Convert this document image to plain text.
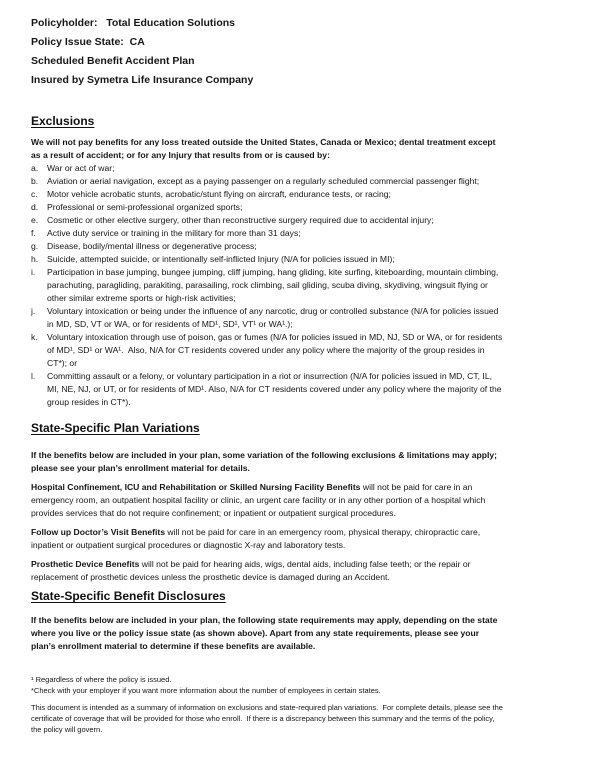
Policyholder:   Total Education Solutions
Policy Issue State:  CA
Scheduled Benefit Accident Plan
Insured by Symetra Life Insurance Company
Exclusions

We will not pay benefits for any loss treated outside the United States, Canada or Mexico; dental treatment except as a result of accident; or for any Injury that results from or is caused by:

a.	War or act of war;
b.	Aviation or aerial navigation, except as a paying passenger on a regularly scheduled commercial passenger flight;
c.	Motor vehicle acrobatic stunts, acrobatic/stunt flying on aircraft, endurance tests, or racing;
d.	Professional or semi-professional organized sports;
e.	Cosmetic or other elective surgery, other than reconstructive surgery required due to accidental injury;
f.	Active duty service or training in the military for more than 31 days;
g.	Disease, bodily/mental illness or degenerative process;
h.	Suicide, attempted suicide, or intentionally self-inflicted Injury (N/A for policies issued in MI);
i.	Participation in base jumping, bungee jumping, cliff jumping, hang gliding, kite surfing, kiteboarding, mountain climbing, parachuting, paragliding, parakiting, parasailing, rock climbing, sail gliding, scuba diving, skydiving, wingsuit flying or other similar extreme sports or high-risk activities;
j.	Voluntary intoxication or being under the influence of any narcotic, drug or controlled substance (N/A for policies issued in MD, SD, VT or WA, or for residents of MD¹, SD¹, VT¹ or WA¹.);
k.	Voluntary intoxication through use of poison, gas or fumes (N/A for policies issued in MD, NJ, SD or WA, or for residents of MD¹, SD¹ or WA¹.  Also, N/A for CT residents covered under any policy where the majority of the group resides in CT*); or
l.	Committing assault or a felony, or voluntary participation in a riot or insurrection (N/A for policies issued in MD, CT, IL, MI, NE, NJ, or UT, or for residents of MD¹. Also, N/A for CT residents covered under any policy where the majority of the group resides in CT*).
State-Specific Plan Variations

If the benefits below are included in your plan, some variation of the following exclusions & limitations may apply; please see your plan’s enrollment material for details.

Hospital Confinement, ICU and Rehabilitation or Skilled Nursing Facility Benefits will not be paid for care in an emergency room, an outpatient hospital facility or clinic, an urgent care facility or in any other portion of a hospital which provides services that do not require confinement; or inpatient or outpatient surgical procedures.

Follow up Doctor’s Visit Benefits will not be paid for care in an emergency room, physical therapy, chiropractic care, inpatient or outpatient surgical procedures or diagnostic X-ray and laboratory tests.

Prosthetic Device Benefits will not be paid for hearing aids, wigs, dental aids, including false teeth; or the repair or replacement of prosthetic devices unless the prosthetic device is damaged during an Accident.

State-Specific Benefit Disclosures

If the benefits below are included in your plan, the following state requirements may apply, depending on the state where you live or the policy issue state (as shown above). Apart from any state requirements, please see your plan’s enrollment material to determine if these benefits are available.

¹ Regardless of where the policy is issued.
*Check with your employer if you want more information about the number of employees in certain states.

This document is intended as a summary of information on exclusions and state-required plan variations.  For complete details, please see the certificate of coverage that will be provided for those who enroll.  If there is a discrepancy between this summary and the terms of the policy, the policy will govern.
